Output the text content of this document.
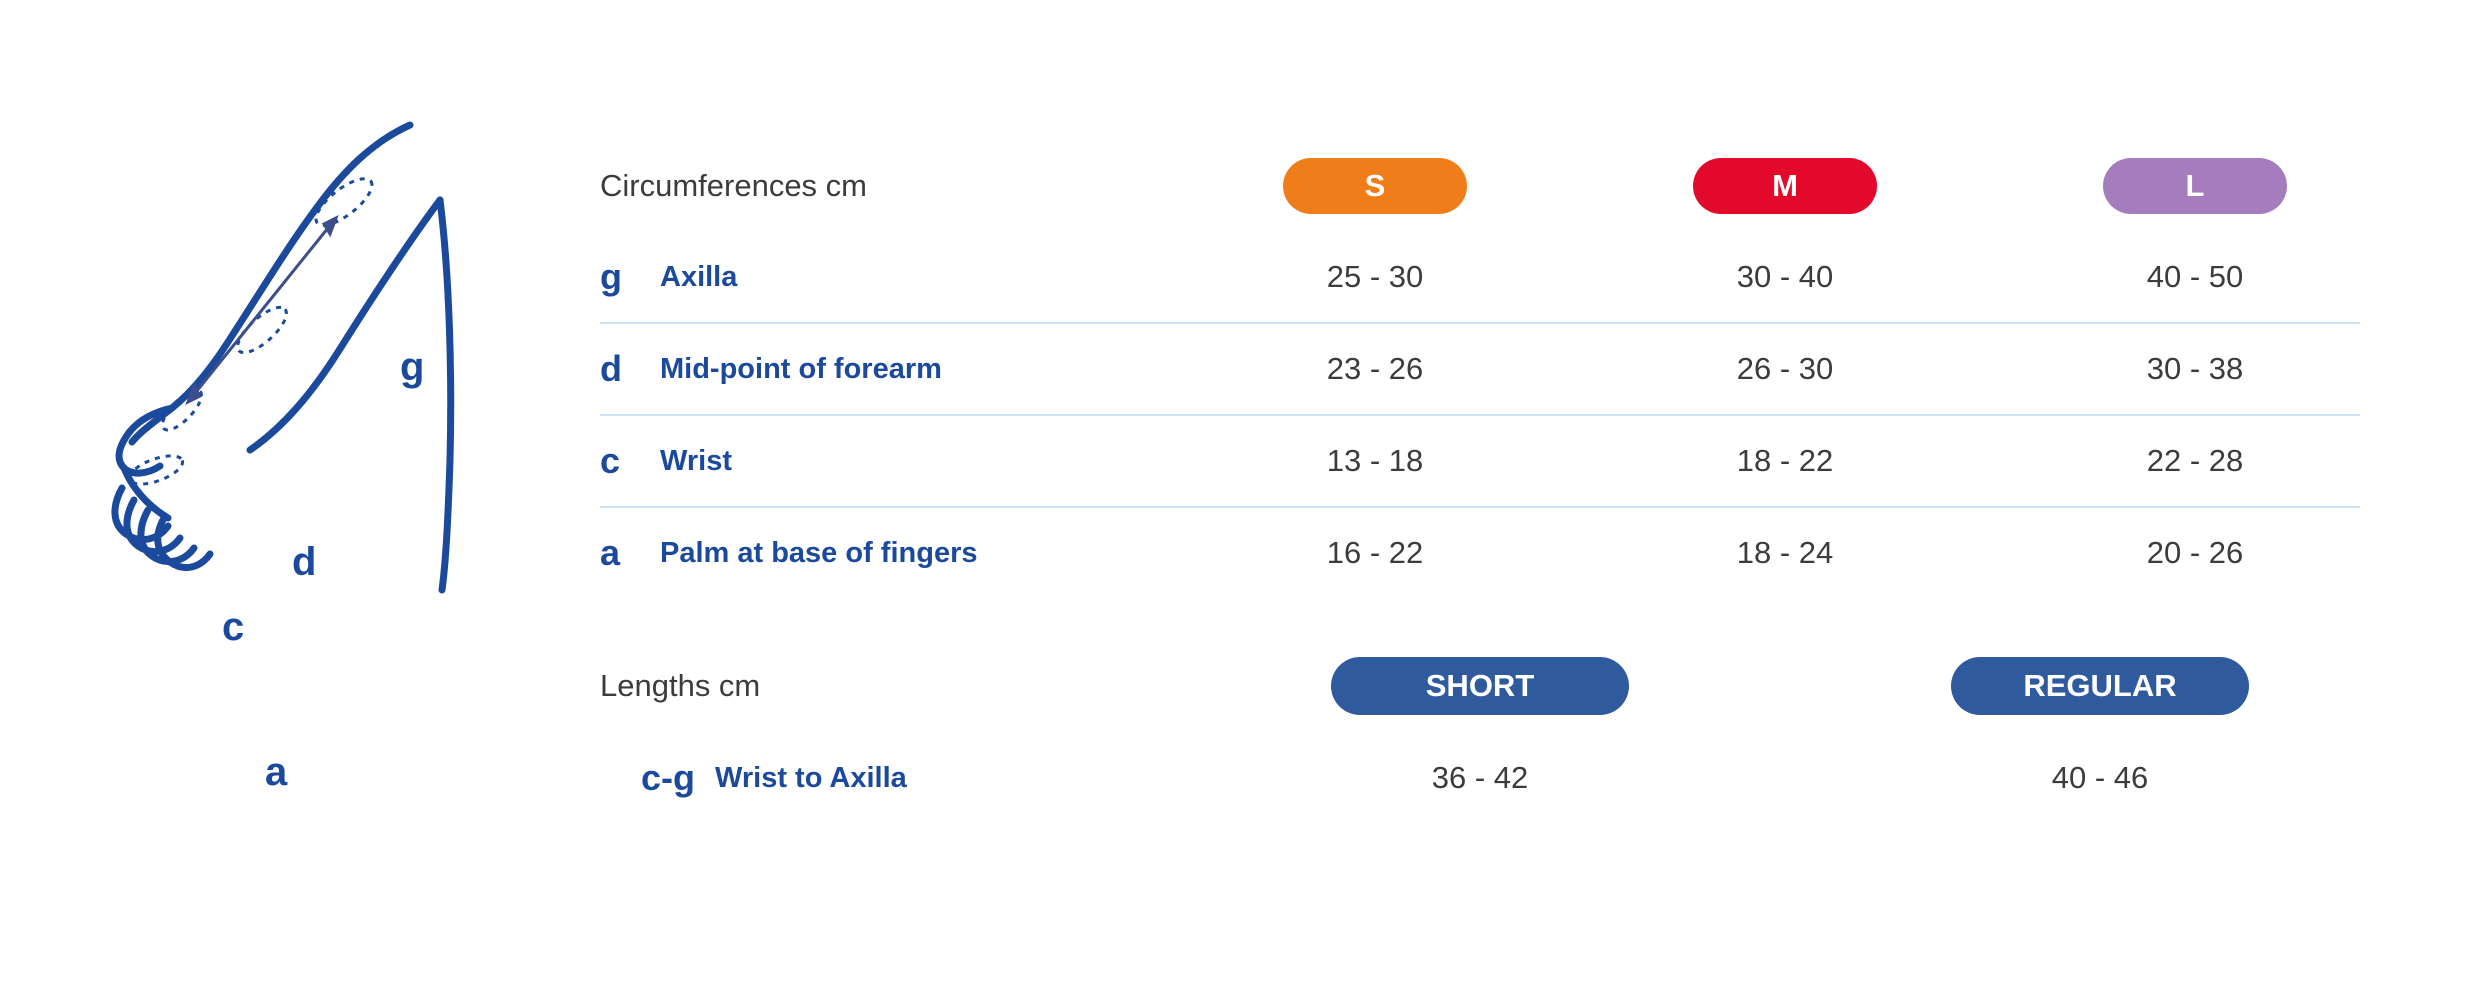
g
d
c
a
Circumferences cm	S	M	L
g	Axilla	25 - 30	30 - 40	40 - 50
d	Mid-point of forearm	23 - 26	26 - 30	30 - 38
c	Wrist	13 - 18	18 - 22	22 - 28
a	Palm at base of fingers	16 - 22	18 - 24	20 - 26
Lengths cm	SHORT	REGULAR
c-g Wrist to Axilla	36 - 42	40 - 46
